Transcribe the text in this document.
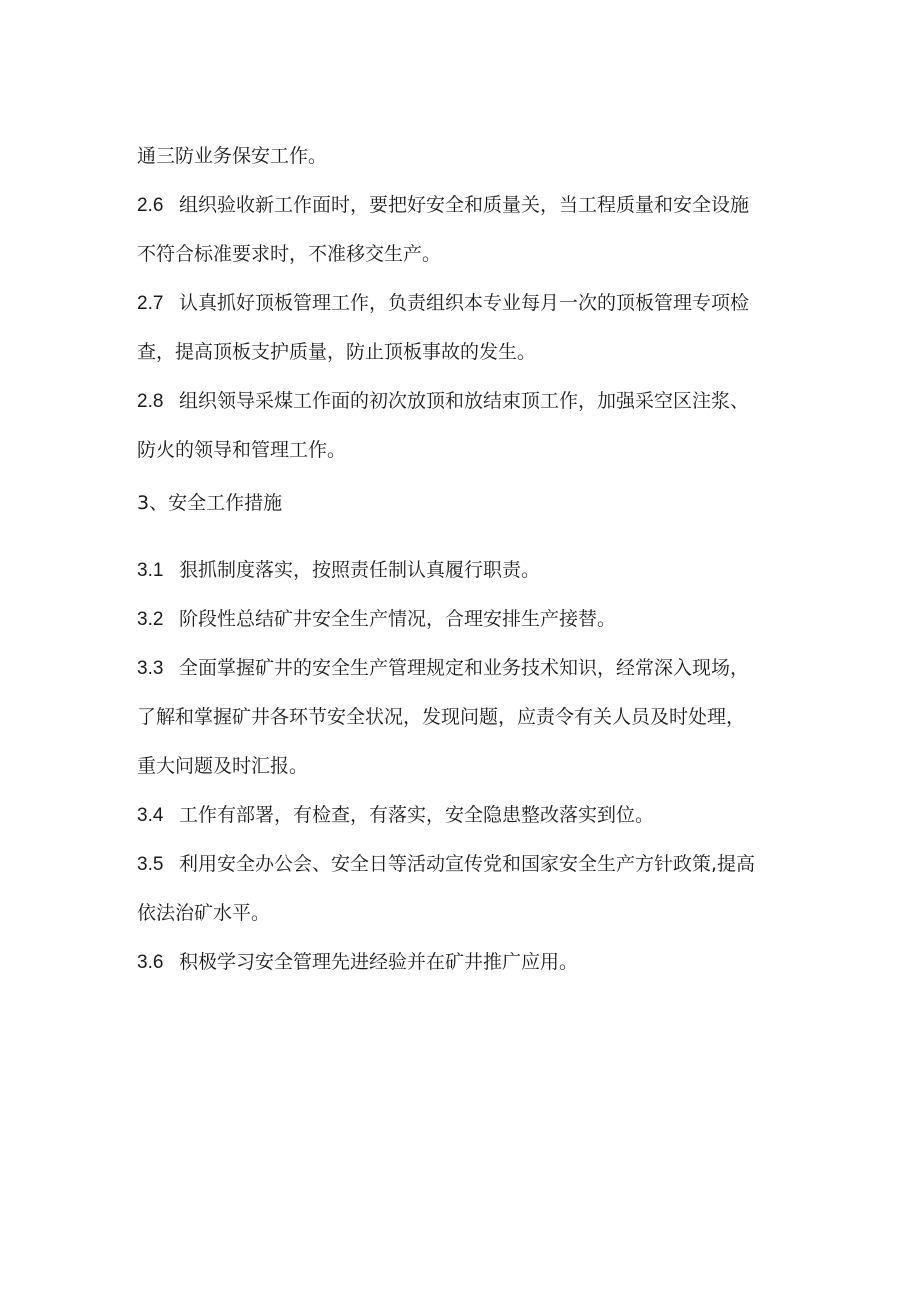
通三防业务保安工作。
2.6 组织验收新工作面时，要把好安全和质量关，当工程质量和安全设施
不符合标准要求时，不准移交生产。
2.7 认真抓好顶板管理工作，负责组织本专业每月一次的顶板管理专项检
查，提高顶板支护质量，防止顶板事故的发生。
2.8 组织领导采煤工作面的初次放顶和放结束顶工作，加强采空区注浆、
防火的领导和管理工作。
3、安全工作措施
3.1 狠抓制度落实，按照责任制认真履行职责。
3.2 阶段性总结矿井安全生产情况，合理安排生产接替。
3.3 全面掌握矿井的安全生产管理规定和业务技术知识，经常深入现场，
了解和掌握矿井各环节安全状况，发现问题，应责令有关人员及时处理，
重大问题及时汇报。
3.4 工作有部署，有检查，有落实，安全隐患整改落实到位。
3.5 利用安全办公会、安全日等活动宣传党和国家安全生产方针政策,提高
依法治矿水平。
3.6 积极学习安全管理先进经验并在矿井推广应用。
